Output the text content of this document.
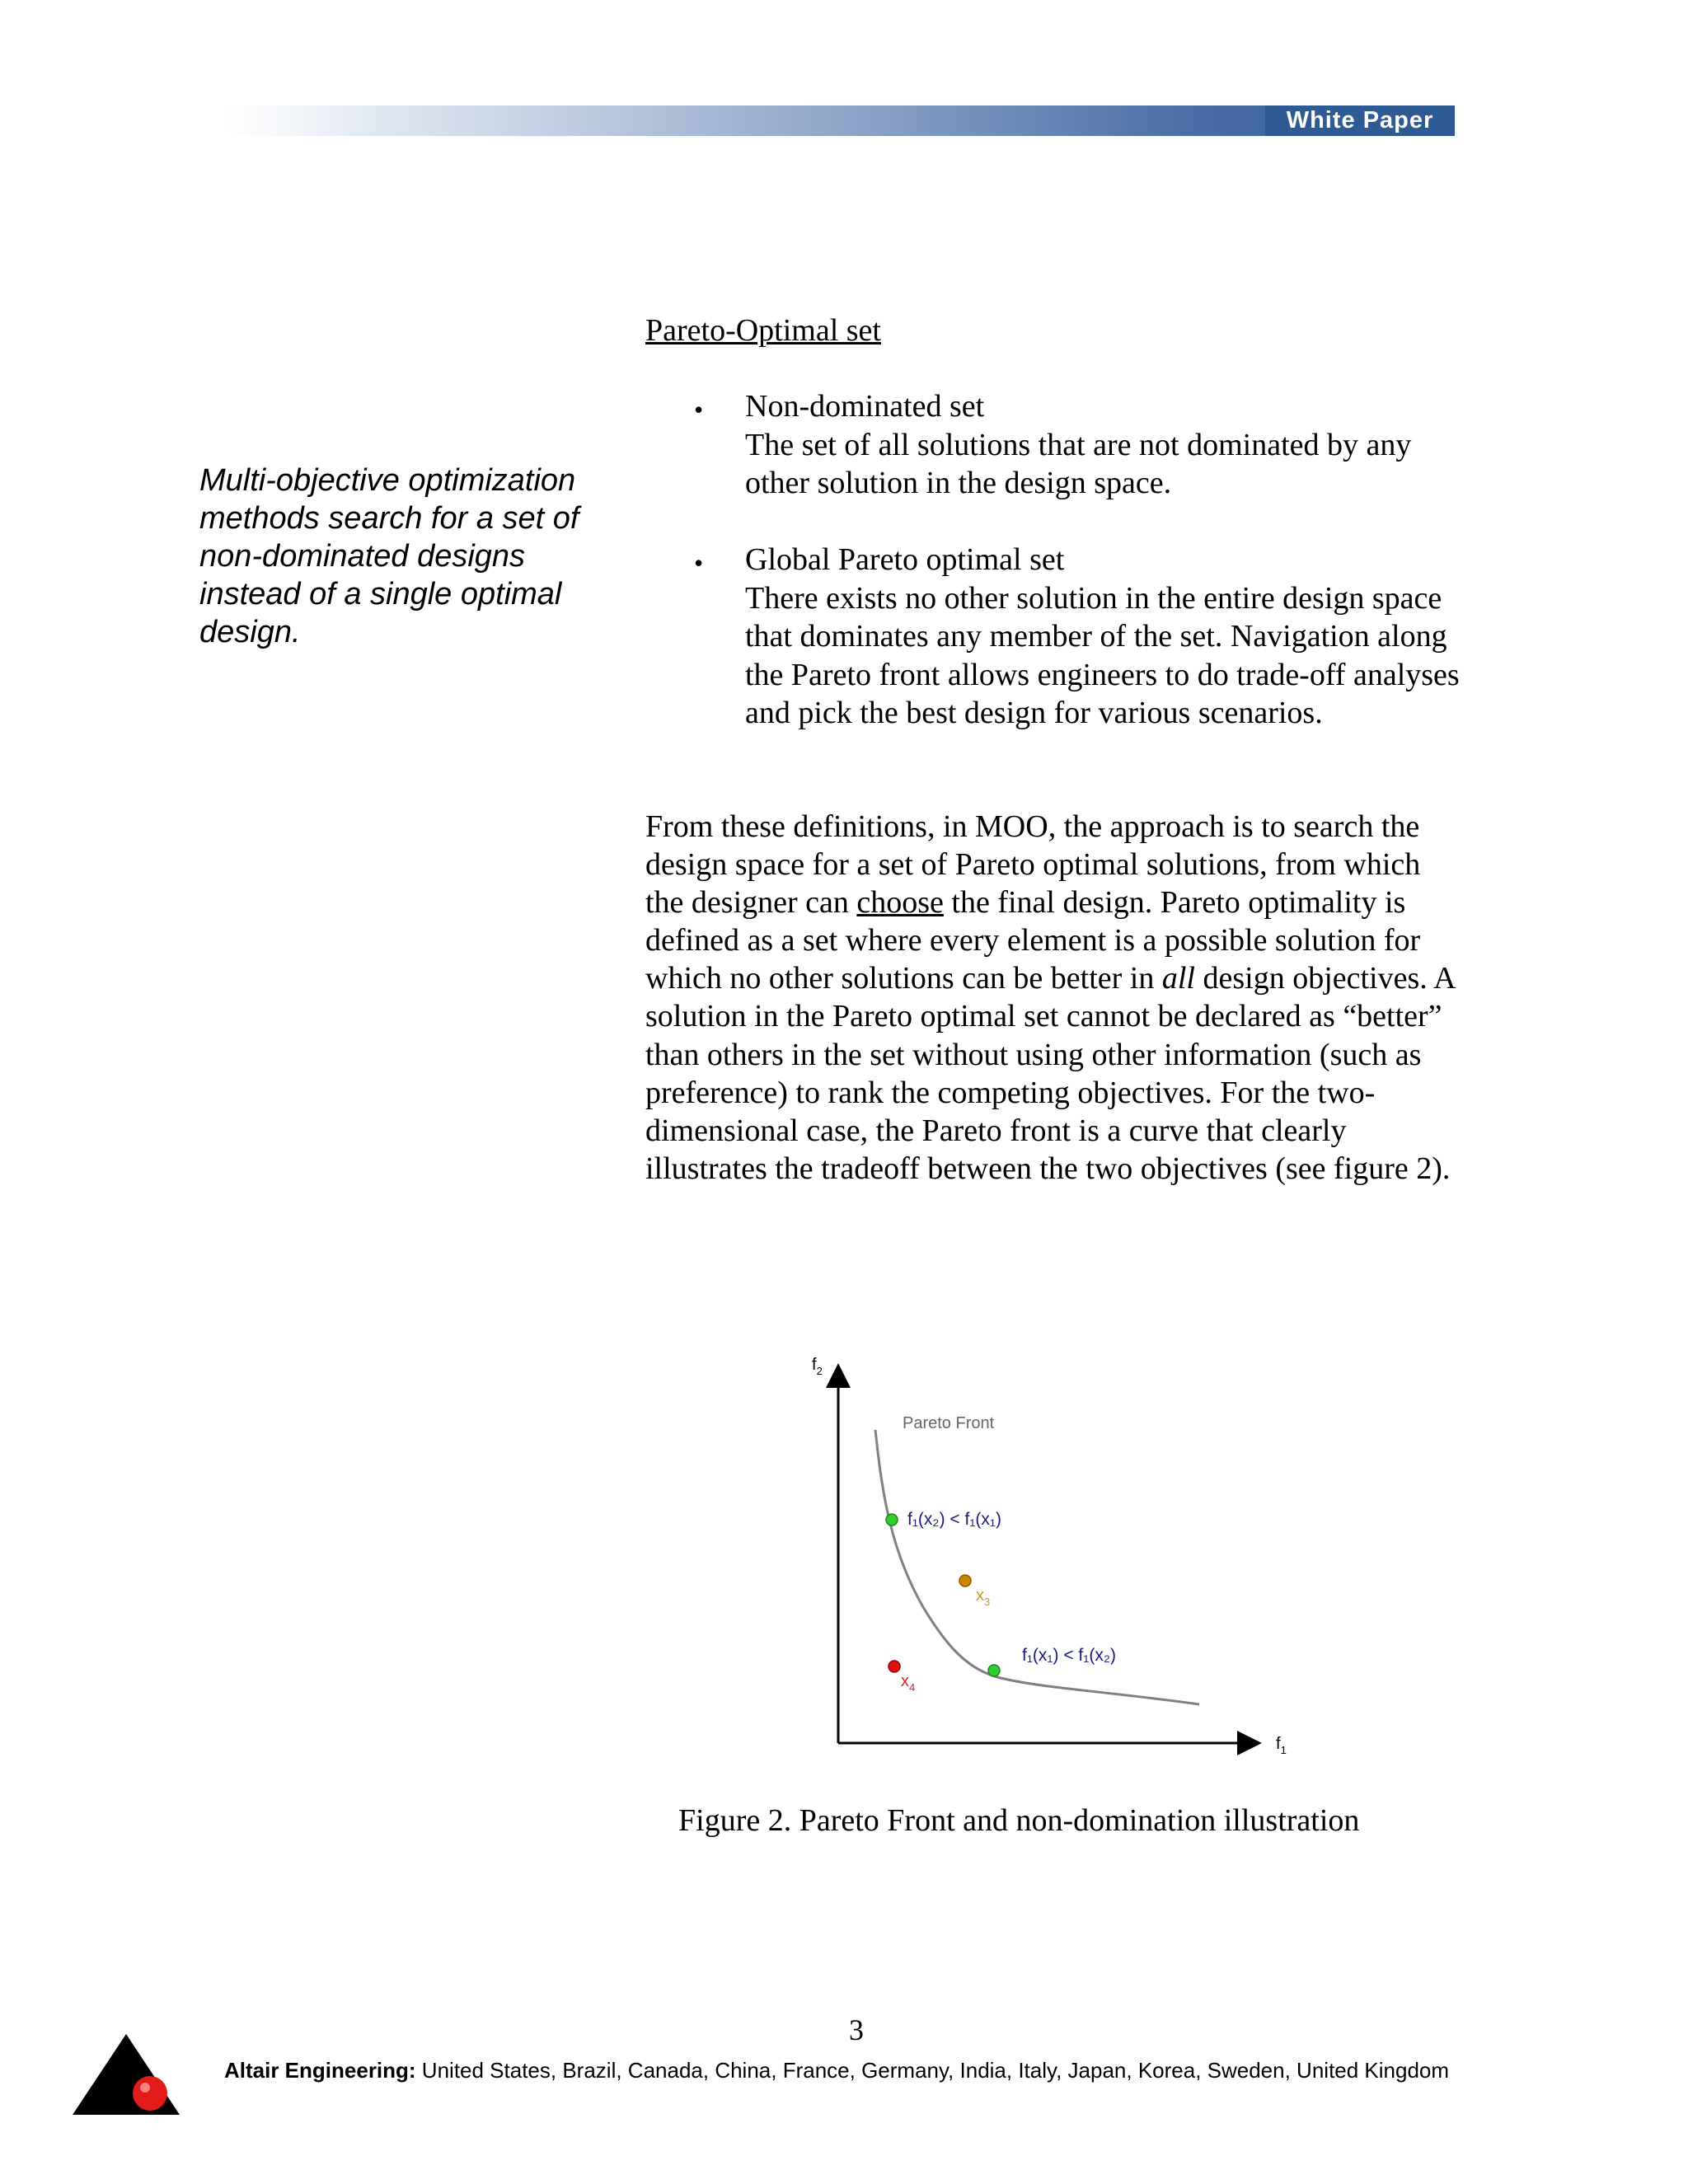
White Paper
Multi-objective optimization methods search for a set of non-dominated designs instead of a single optimal design.
Pareto-Optimal set
• Non-dominated set
The set of all solutions that are not dominated by any other solution in the design space.
• Global Pareto optimal set
There exists no other solution in the entire design space that dominates any member of the set. Navigation along the Pareto front allows engineers to do trade-off analyses and pick the best design for various scenarios.
From these definitions, in MOO, the approach is to search the design space for a set of Pareto optimal solutions, from which the designer can choose the final design. Pareto optimality is defined as a set where every element is a possible solution for which no other solutions can be better in all design objectives. A solution in the Pareto optimal set cannot be declared as “better” than others in the set without using other information (such as preference) to rank the competing objectives. For the two-dimensional case, the Pareto front is a curve that clearly illustrates the tradeoff between the two objectives (see figure 2).
$f_2$
$f_1$
Pareto Front
f₁(x₂) < f₁(x₁)
$x_3$
f₁(x₁) < f₁(x₂)
$x_4$
Figure 2. Pareto Front and non-domination illustration
3
Altair Engineering: United States, Brazil, Canada, China, France, Germany, India, Italy, Japan, Korea, Sweden, United Kingdom
